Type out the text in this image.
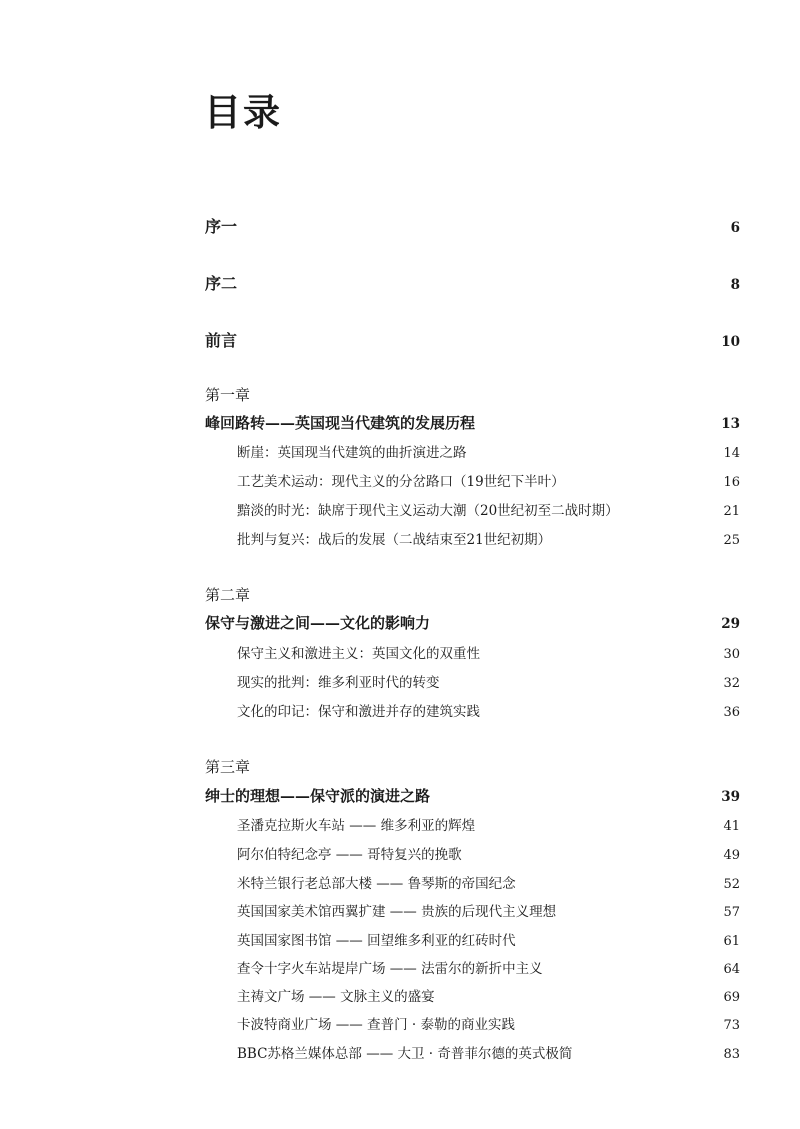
目录
序一	6
序二	8
前言	10
第一章
峰回路转——英国现当代建筑的发展历程	13
断崖：英国现当代建筑的曲折演进之路	14
工艺美术运动：现代主义的分岔路口（19世纪下半叶）	16
黯淡的时光：缺席于现代主义运动大潮（20世纪初至二战时期）	21
批判与复兴：战后的发展（二战结束至21世纪初期）	25
第二章
保守与激进之间——文化的影响力	29
保守主义和激进主义：英国文化的双重性	30
现实的批判：维多利亚时代的转变	32
文化的印记：保守和激进并存的建筑实践	36
第三章
绅士的理想——保守派的演进之路	39
圣潘克拉斯火车站 —— 维多利亚的辉煌	41
阿尔伯特纪念亭 —— 哥特复兴的挽歌	49
米特兰银行老总部大楼 —— 鲁琴斯的帝国纪念	52
英国国家美术馆西翼扩建 —— 贵族的后现代主义理想	57
英国国家图书馆 —— 回望维多利亚的红砖时代	61
查令十字火车站堤岸广场 —— 法雷尔的新折中主义	64
主祷文广场 —— 文脉主义的盛宴	69
卡波特商业广场 —— 查普门 · 泰勒的商业实践	73
BBC苏格兰媒体总部 —— 大卫 · 奇普菲尔德的英式极简	83
